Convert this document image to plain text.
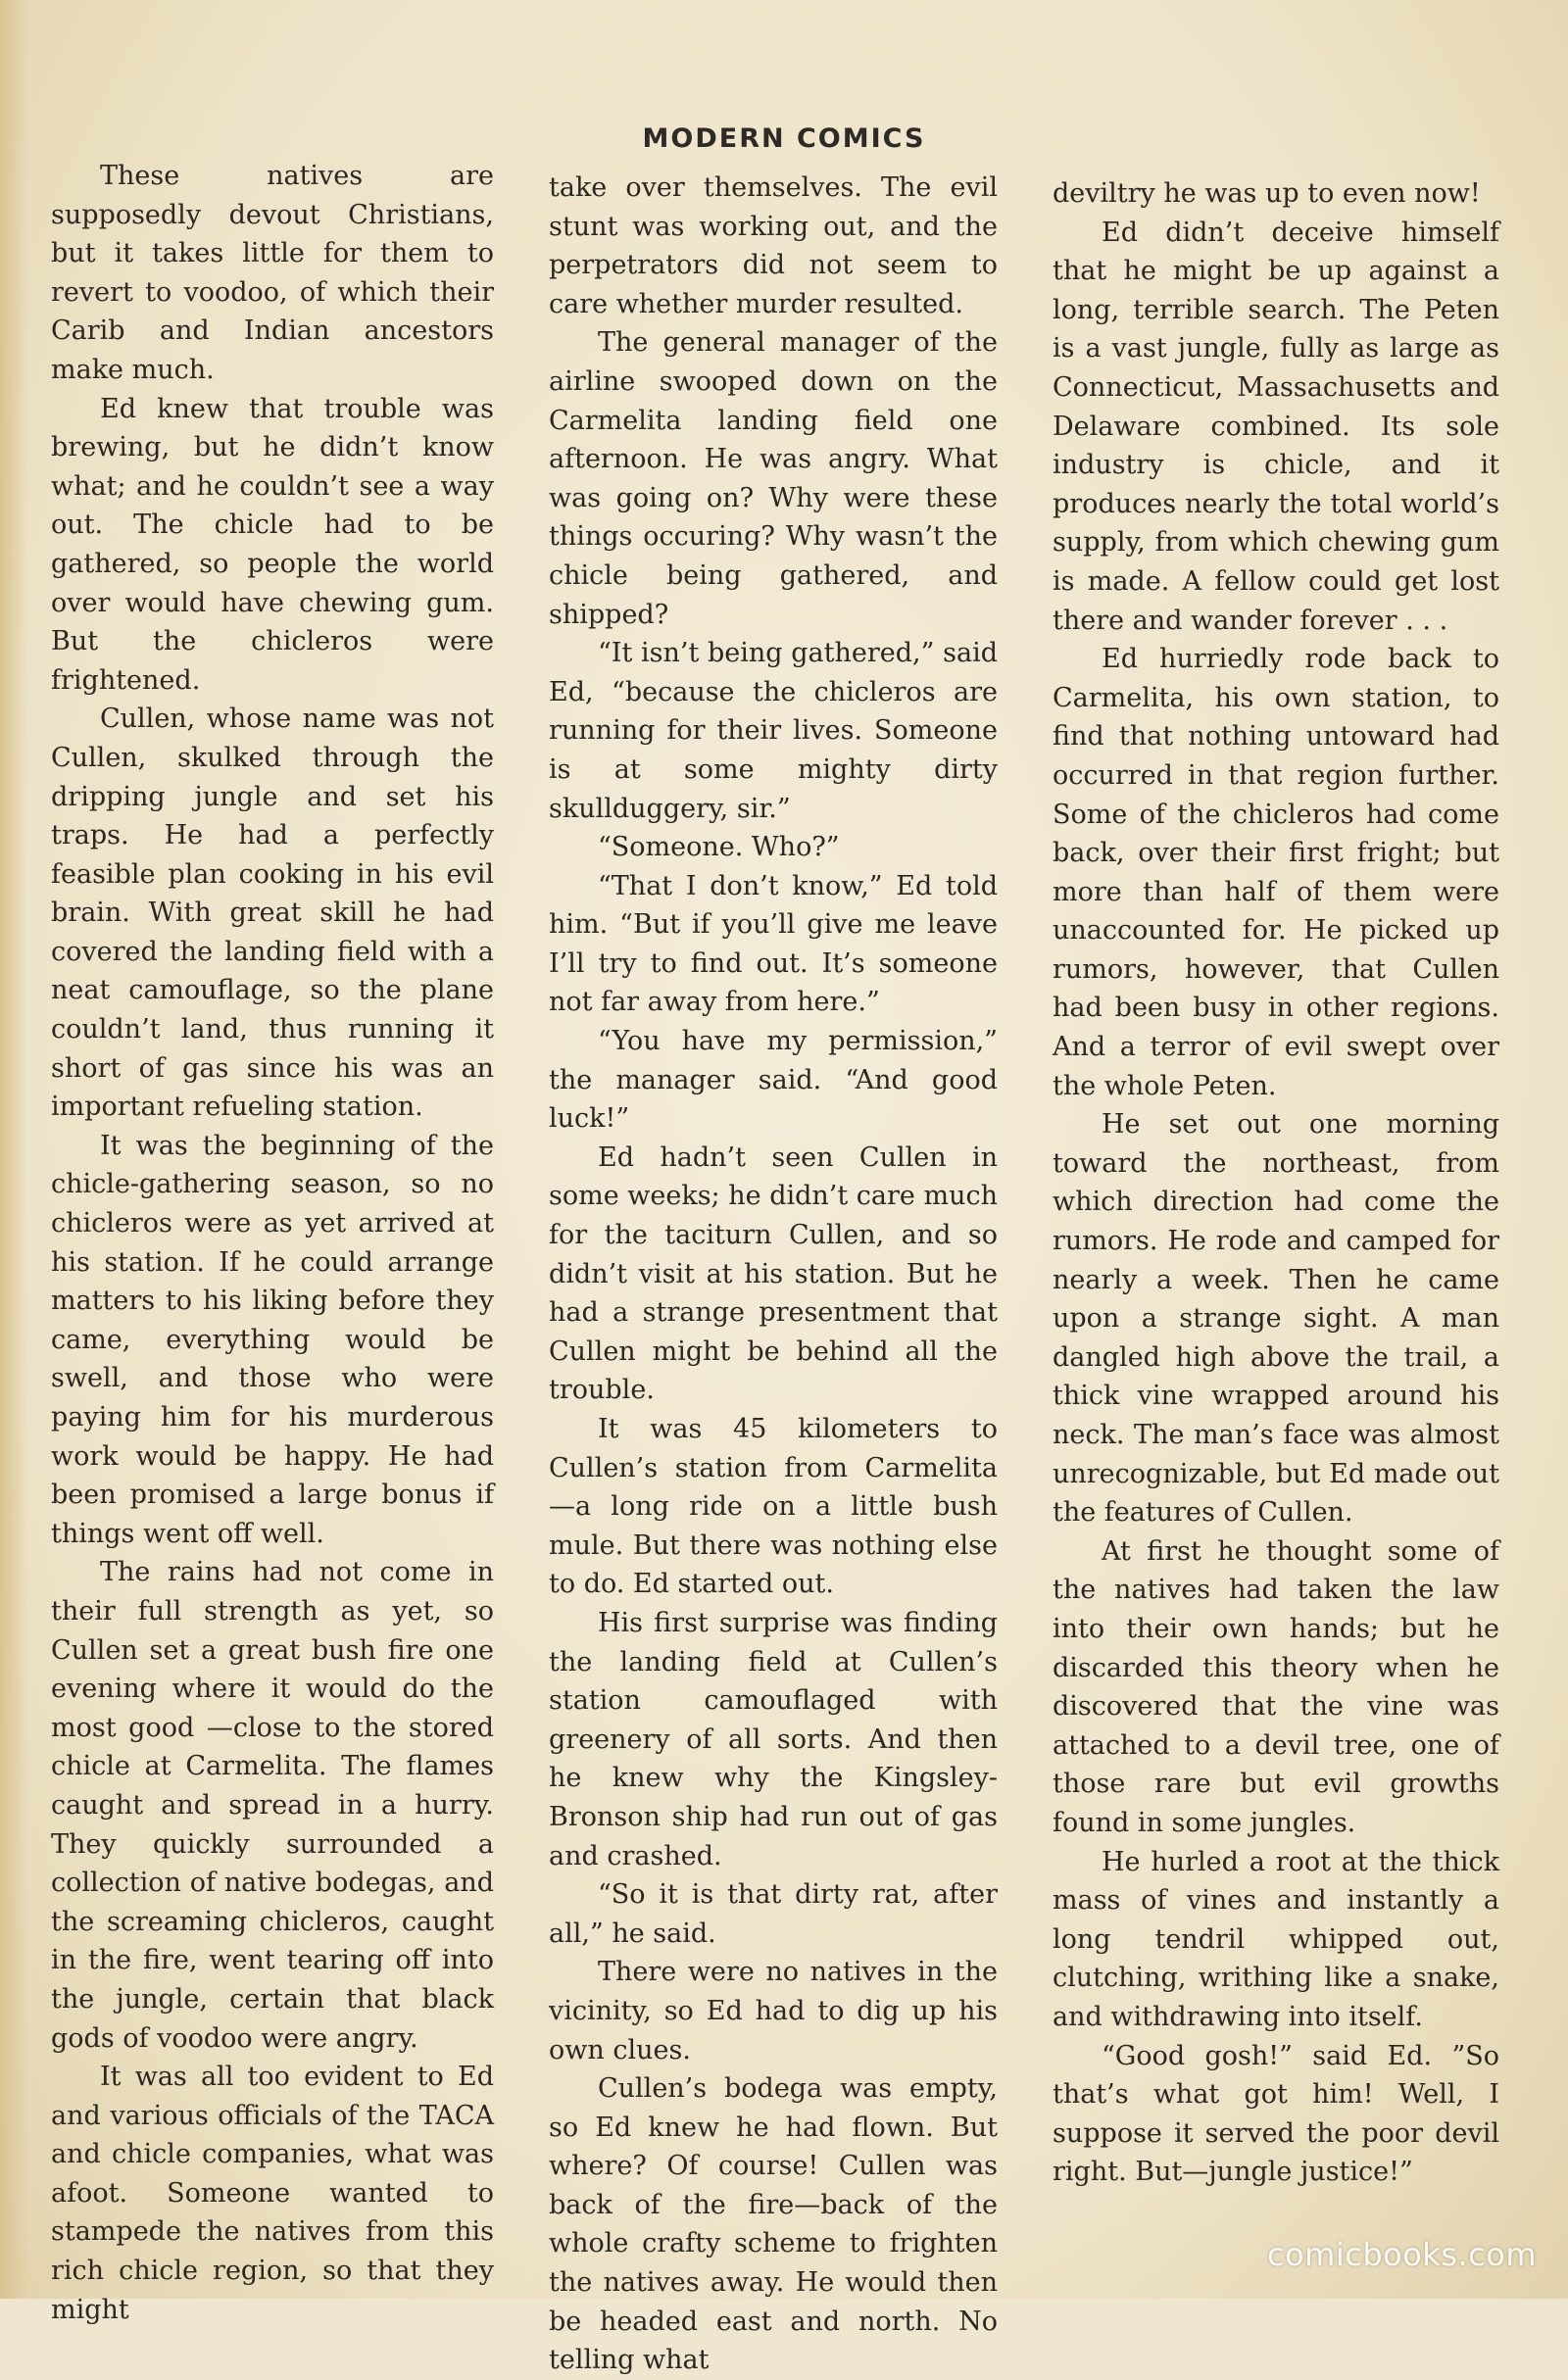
MODERN COMICS

These natives are supposedly devout Christians, but it takes little for them to revert to voodoo, of which their Carib and Indian ancestors make much.

Ed knew that trouble was brewing, but he didn’t know what; and he couldn’t see a way out. The chicle had to be gathered, so people the world over would have chewing gum. But the chicleros were frightened.

Cullen, whose name was not Cullen, skulked through the dripping jungle and set his traps. He had a perfectly feasible plan cooking in his evil brain. With great skill he had covered the landing field with a neat camouflage, so the plane couldn’t land, thus running it short of gas since his was an important refueling station.

It was the beginning of the chicle-gathering season, so no chicleros were as yet arrived at his station. If he could arrange matters to his liking before they came, everything would be swell, and those who were paying him for his murderous work would be happy. He had been promised a large bonus if things went off well.

The rains had not come in their full strength as yet, so Cullen set a great bush fire one evening where it would do the most good —close to the stored chicle at Carmelita. The flames caught and spread in a hurry. They quickly surrounded a collection of native bodegas, and the screaming chicleros, caught in the fire, went tearing off into the jungle, certain that black gods of voodoo were angry.

It was all too evident to Ed and various officials of the TACA and chicle companies, what was afoot. Someone wanted to stampede the natives from this rich chicle region, so that they might

take over themselves. The evil stunt was working out, and the perpetrators did not seem to care whether murder resulted.

The general manager of the airline swooped down on the Carmelita landing field one afternoon. He was angry. What was going on? Why were these things occuring? Why wasn’t the chicle being gathered, and shipped?

“It isn’t being gathered,” said Ed, “because the chicleros are running for their lives. Someone is at some mighty dirty skullduggery, sir.”

“Someone. Who?”

“That I don’t know,” Ed told him. “But if you’ll give me leave I’ll try to find out. It’s someone not far away from here.”

“You have my permission,” the manager said. “And good luck!”

Ed hadn’t seen Cullen in some weeks; he didn’t care much for the taciturn Cullen, and so didn’t visit at his station. But he had a strange presentment that Cullen might be behind all the trouble.

It was 45 kilometers to Cullen’s station from Carmelita—a long ride on a little bush mule. But there was nothing else to do. Ed started out.

His first surprise was finding the landing field at Cullen’s station camouflaged with greenery of all sorts. And then he knew why the Kingsley-Bronson ship had run out of gas and crashed.

“So it is that dirty rat, after all,” he said.

There were no natives in the vicinity, so Ed had to dig up his own clues.

Cullen’s bodega was empty, so Ed knew he had flown. But where? Of course! Cullen was back of the fire—back of the whole crafty scheme to frighten the natives away. He would then be headed east and north. No telling what

deviltry he was up to even now!

Ed didn’t deceive himself that he might be up against a long, terrible search. The Peten is a vast jungle, fully as large as Connecticut, Massachusetts and Delaware combined. Its sole industry is chicle, and it produces nearly the total world’s supply, from which chewing gum is made. A fellow could get lost there and wander forever . . .

Ed hurriedly rode back to Carmelita, his own station, to find that nothing untoward had occurred in that region further. Some of the chicleros had come back, over their first fright; but more than half of them were unaccounted for. He picked up rumors, however, that Cullen had been busy in other regions. And a terror of evil swept over the whole Peten.

He set out one morning toward the northeast, from which direction had come the rumors. He rode and camped for nearly a week. Then he came upon a strange sight. A man dangled high above the trail, a thick vine wrapped around his neck. The man’s face was almost unrecognizable, but Ed made out the features of Cullen.

At first he thought some of the natives had taken the law into their own hands; but he discarded this theory when he discovered that the vine was attached to a devil tree, one of those rare but evil growths found in some jungles.

He hurled a root at the thick mass of vines and instantly a long tendril whipped out, clutching, writhing like a snake, and withdrawing into itself.

“Good gosh!” said Ed. ”So that’s what got him! Well, I suppose it served the poor devil right. But—jungle justice!”

comicbooks.com
